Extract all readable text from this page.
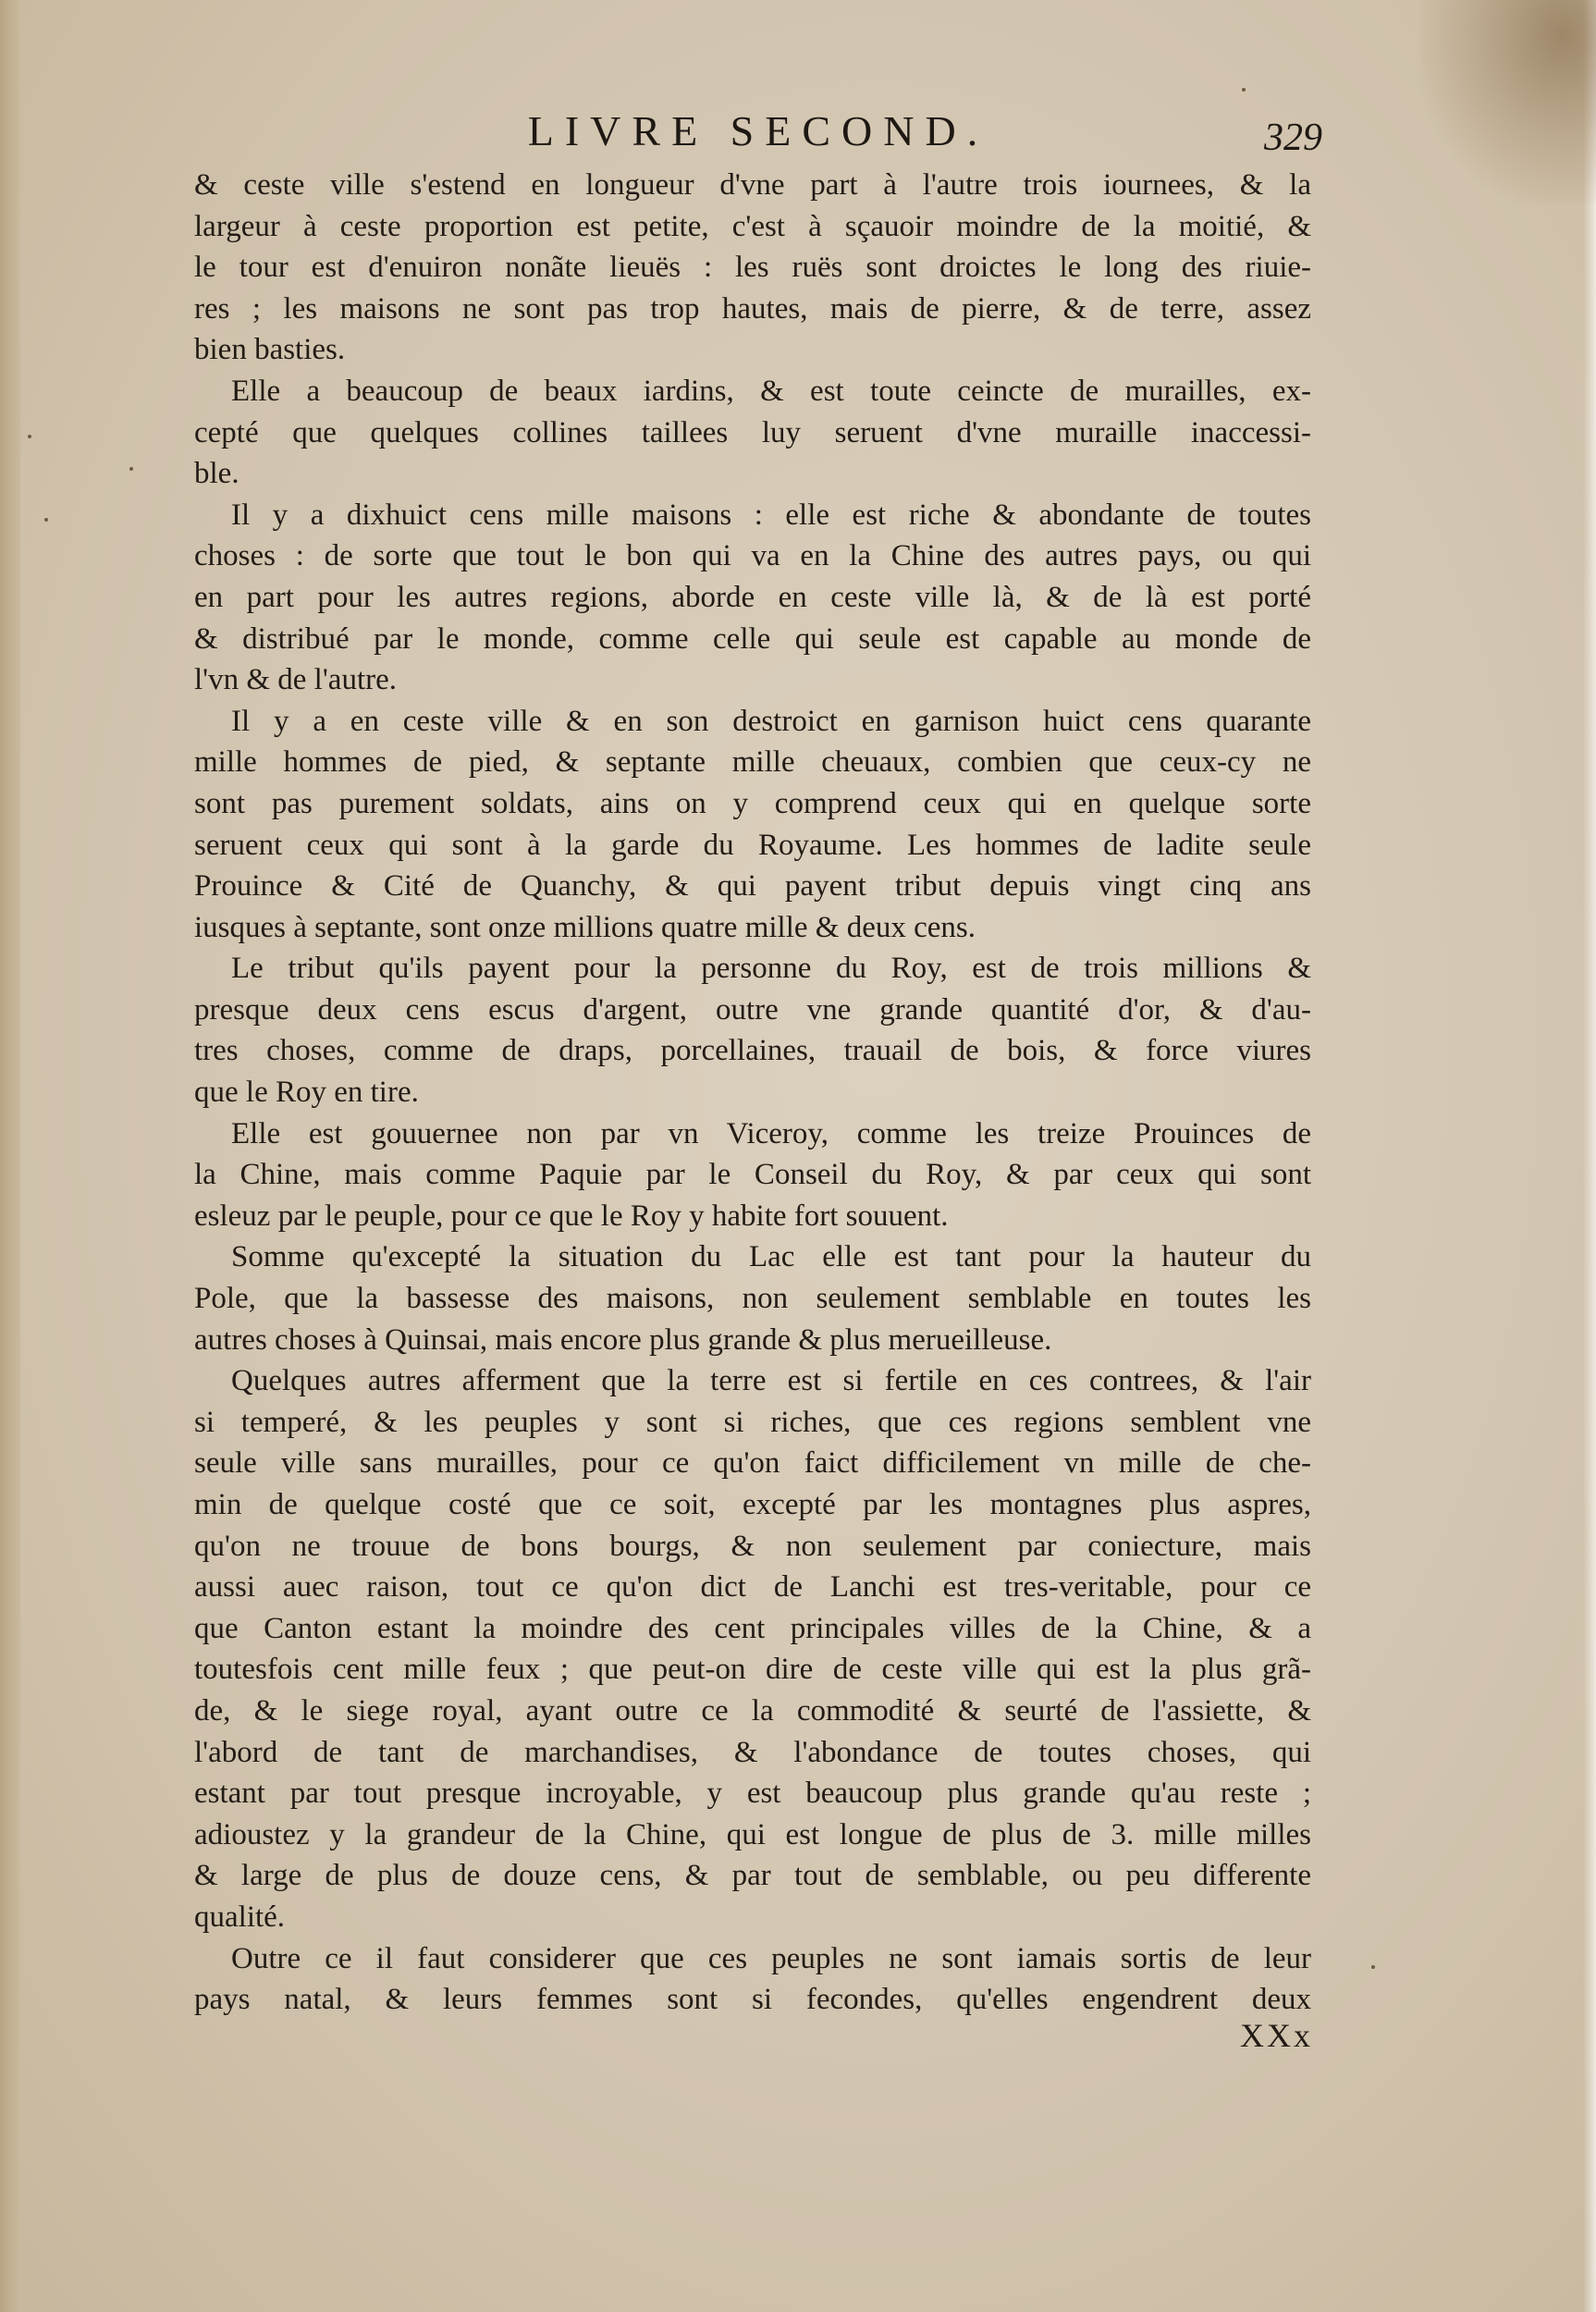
LIVRE SECOND.	329
& ceste ville s'estend en longueur d'vne part à l'autre trois iournees, & la
largeur à ceste proportion est petite, c'est à sçauoir moindre de la moitié, &
le tour est d'enuiron nonãte lieuës : les ruës sont droictes le long des riuie-
res ; les maisons ne sont pas trop hautes, mais de pierre, & de terre, assez
bien basties.
Elle a beaucoup de beaux iardins, & est toute ceincte de murailles, ex-
cepté que quelques collines taillees luy seruent d'vne muraille inaccessi-
ble.
Il y a dixhuict cens mille maisons : elle est riche & abondante de toutes
choses : de sorte que tout le bon qui va en la Chine des autres pays, ou qui
en part pour les autres regions, aborde en ceste ville là, & de là est porté
& distribué par le monde, comme celle qui seule est capable au monde de
l'vn & de l'autre.
Il y a en ceste ville & en son destroict en garnison huict cens quarante
mille hommes de pied, & septante mille cheuaux, combien que ceux-cy ne
sont pas purement soldats, ains on y comprend ceux qui en quelque sorte
seruent ceux qui sont à la garde du Royaume. Les hommes de ladite seule
Prouince & Cité de Quanchy, & qui payent tribut depuis vingt cinq ans
iusques à septante, sont onze millions quatre mille & deux cens.
Le tribut qu'ils payent pour la personne du Roy, est de trois millions &
presque deux cens escus d'argent, outre vne grande quantité d'or, & d'au-
tres choses, comme de draps, porcellaines, trauail de bois, & force viures
que le Roy en tire.
Elle est gouuernee non par vn Viceroy, comme les treize Prouinces de
la Chine, mais comme Paquie par le Conseil du Roy, & par ceux qui sont
esleuz par le peuple, pour ce que le Roy y habite fort souuent.
Somme qu'excepté la situation du Lac elle est tant pour la hauteur du
Pole, que la bassesse des maisons, non seulement semblable en toutes les
autres choses à Quinsai, mais encore plus grande & plus merueilleuse.
Quelques autres afferment que la terre est si fertile en ces contrees, & l'air
si temperé, & les peuples y sont si riches, que ces regions semblent vne
seule ville sans murailles, pour ce qu'on faict difficilement vn mille de che-
min de quelque costé que ce soit, excepté par les montagnes plus aspres,
qu'on ne trouue de bons bourgs, & non seulement par coniecture, mais
aussi auec raison, tout ce qu'on dict de Lanchi est tres-veritable, pour ce
que Canton estant la moindre des cent principales villes de la Chine, & a
toutesfois cent mille feux ; que peut-on dire de ceste ville qui est la plus grã-
de, & le siege royal, ayant outre ce la commodité & seurté de l'assiette, &
l'abord de tant de marchandises, & l'abondance de toutes choses, qui
estant par tout presque incroyable, y est beaucoup plus grande qu'au reste ;
adioustez y la grandeur de la Chine, qui est longue de plus de 3. mille milles
& large de plus de douze cens, & par tout de semblable, ou peu differente
qualité.
Outre ce il faut considerer que ces peuples ne sont iamais sortis de leur
pays natal, & leurs femmes sont si fecondes, qu'elles engendrent deux
XXx
